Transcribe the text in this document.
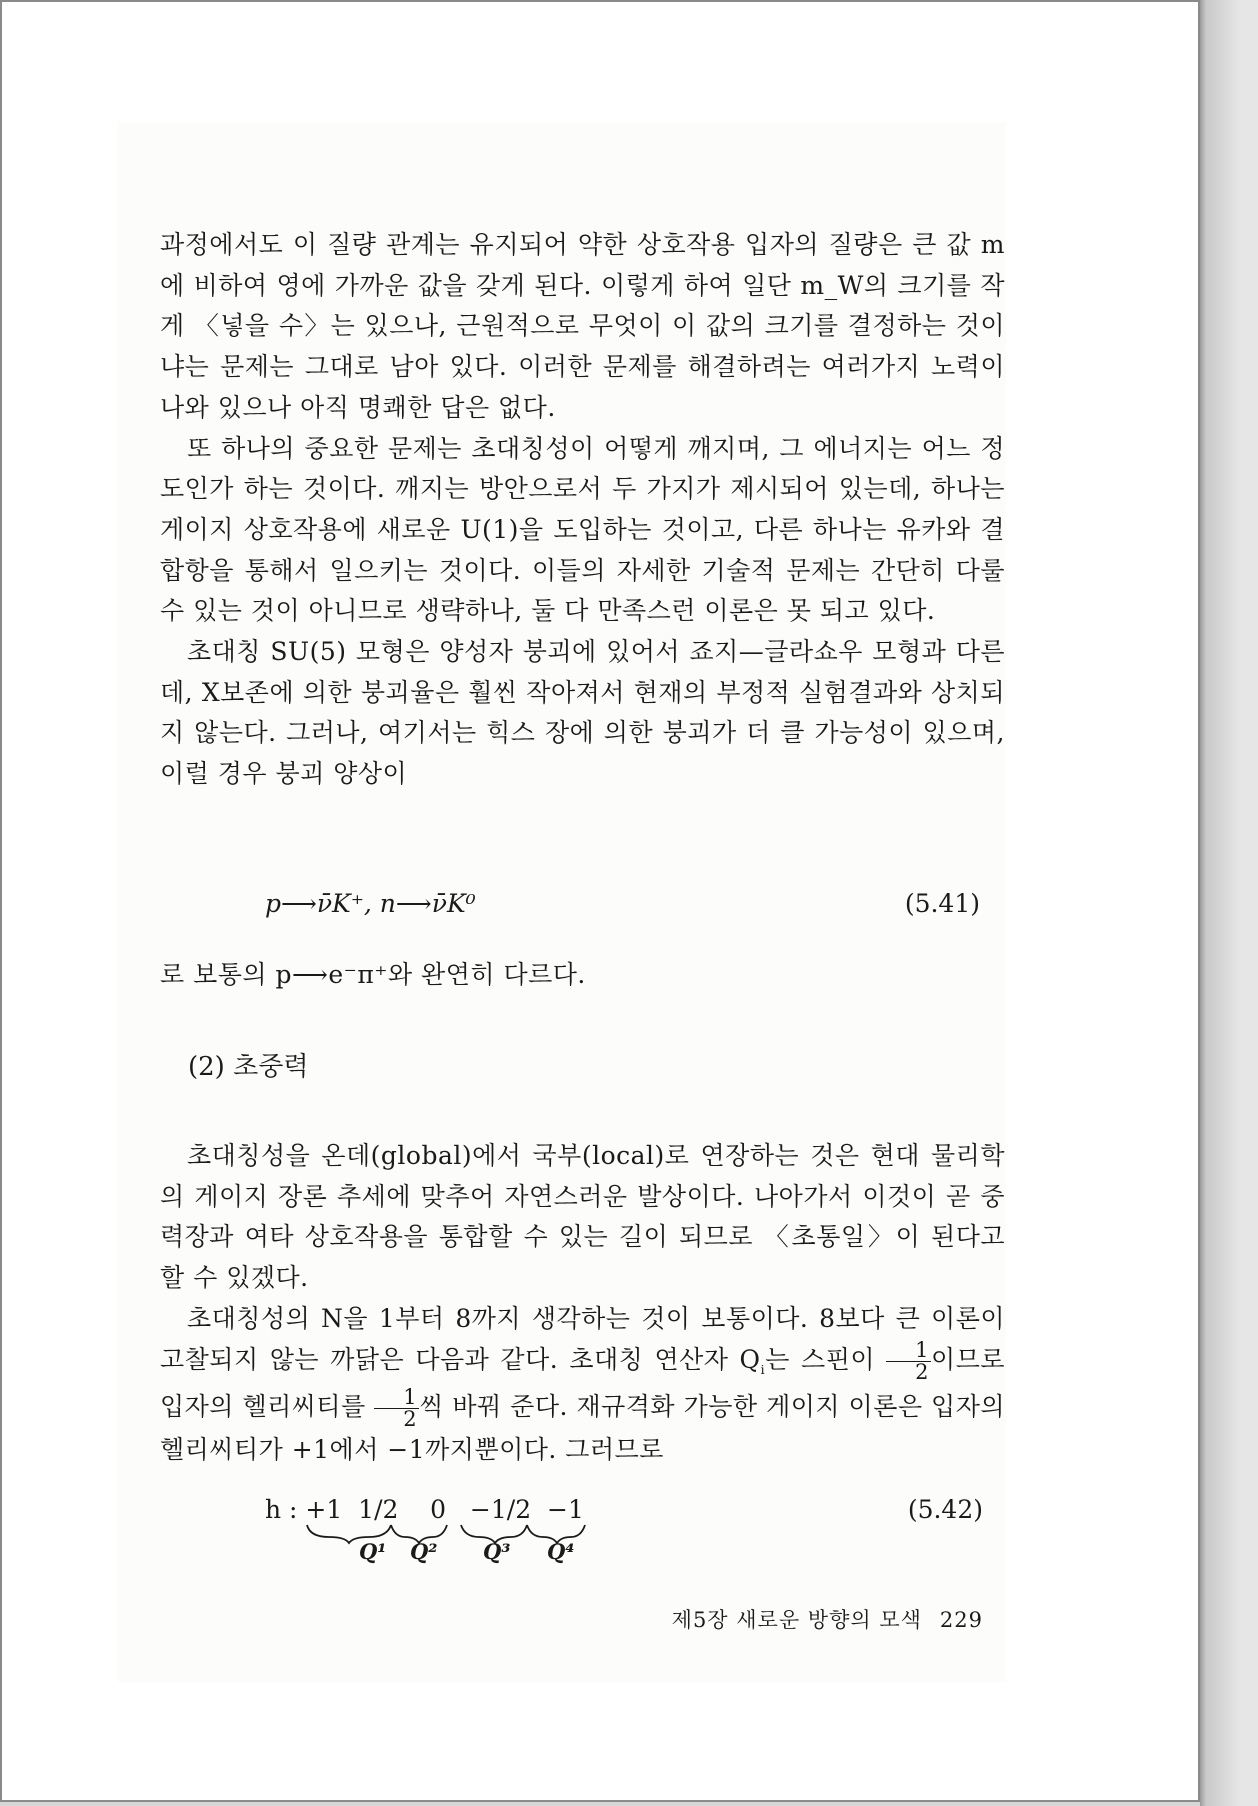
과정에서도 이 질량 관계는 유지되어 약한 상호작용 입자의 질량은 큰 값 m에 비하여 영에 가까운 값을 갖게 된다. 이렇게 하여 일단 m_W의 크기를 작게 〈넣을 수〉는 있으나, 근원적으로 무엇이 이 값의 크기를 결정하는 것이냐는 문제는 그대로 남아 있다. 이러한 문제를 해결하려는 여러가지 노력이 나와 있으나 아직 명쾌한 답은 없다.

또 하나의 중요한 문제는 초대칭성이 어떻게 깨지며, 그 에너지는 어느 정도인가 하는 것이다. 깨지는 방안으로서 두 가지가 제시되어 있는데, 하나는 게이지 상호작용에 새로운 U(1)을 도입하는 것이고, 다른 하나는 유카와 결합항을 통해서 일으키는 것이다. 이들의 자세한 기술적 문제는 간단히 다룰 수 있는 것이 아니므로 생략하나, 둘 다 만족스런 이론은 못 되고 있다.

초대칭 SU(5) 모형은 양성자 붕괴에 있어서 죠지—글라쇼우 모형과 다른데, X보존에 의한 붕괴율은 훨씬 작아져서 현재의 부정적 실험결과와 상치되지 않는다. 그러나, 여기서는 힉스 장에 의한 붕괴가 더 클 가능성이 있으며, 이럴 경우 붕괴 양상이

p⟶ν̄K⁺, n⟶ν̄K⁰	(5.41)

로 보통의 p⟶e⁻π⁺와 완연히 다르다.

(2) 초중력

초대칭성을 온데(global)에서 국부(local)로 연장하는 것은 현대 물리학의 게이지 장론 추세에 맞추어 자연스러운 발상이다. 나아가서 이것이 곧 중력장과 여타 상호작용을 통합할 수 있는 길이 되므로 〈초통일〉이 된다고 할 수 있겠다.

초대칭성의 N을 1부터 8까지 생각하는 것이 보통이다. 8보다 큰 이론이 고찰되지 않는 까닭은 다음과 같다. 초대칭 연산자 $Q_ᵢ$는 스핀이 $\frac{1}{2}$ 이므로 입자의 헬리씨티를 $\frac{1}{2}$ 씩 바꿔 준다. 재규격화 가능한 게이지 이론은 입자의 헬리씨티가 +1에서 −1까지뿐이다. 그러므로

h : +1  1/2    0   −1/2  −1	(5.42)
Q¹ Q² Q³ Q⁴
제5장 새로운 방향의 모색 229
